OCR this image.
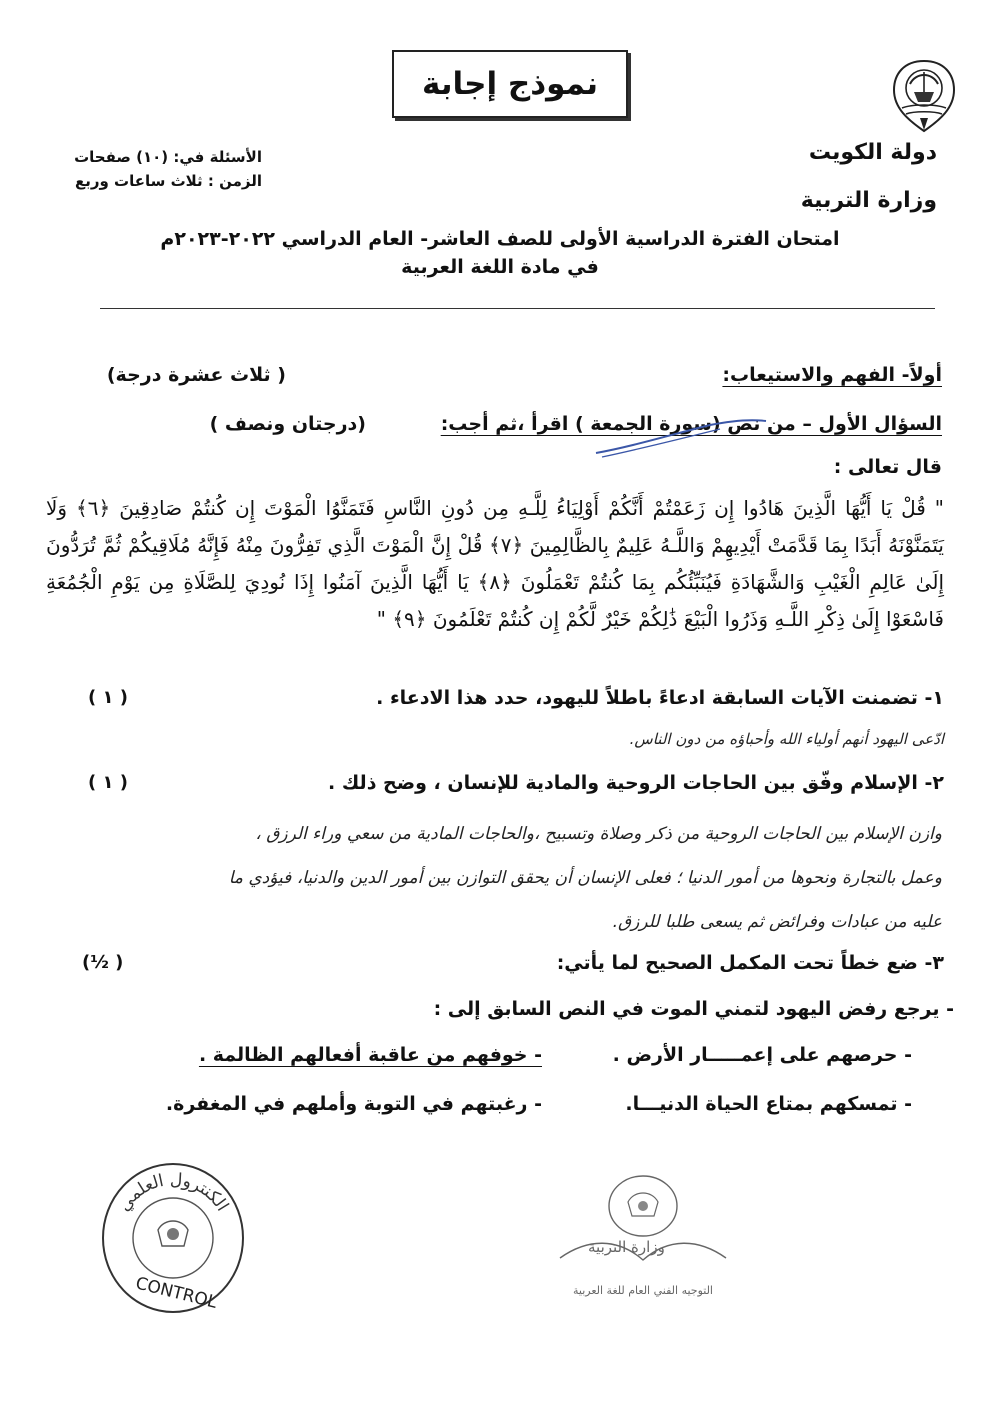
نموذج إجابة
دولة الكويت
وزارة التربية
الأسئلة في: (١٠) صفحات
الزمن : ثلاث ساعات وربع
امتحان الفترة الدراسية الأولى للصف العاشر- العام الدراسي ٢٠٢٢-٢٠٢٣م
في مادة اللغة العربية
أولاً- الفهم والاستيعاب:
( ثلاث عشرة درجة)
السؤال الأول – من نص (سورة الجمعة ) اقرأ ،ثم أجب:
(درجتان ونصف )
قال تعالى :
" قُلْ يَا أَيُّهَا الَّذِينَ هَادُوا إِن زَعَمْتُمْ أَنَّكُمْ أَوْلِيَاءُ لِلَّـهِ مِن دُونِ النَّاسِ فَتَمَنَّوُا الْمَوْتَ إِن كُنتُمْ صَادِقِينَ ﴿٦﴾ وَلَا يَتَمَنَّوْنَهُ أَبَدًا بِمَا قَدَّمَتْ أَيْدِيهِمْ وَاللَّـهُ عَلِيمٌ بِالظَّالِمِينَ ﴿٧﴾ قُلْ إِنَّ الْمَوْتَ الَّذِي تَفِرُّونَ مِنْهُ فَإِنَّهُ مُلَاقِيكُمْ ثُمَّ تُرَدُّونَ إِلَىٰ عَالِمِ الْغَيْبِ وَالشَّهَادَةِ فَيُنَبِّئُكُم بِمَا كُنتُمْ تَعْمَلُونَ ﴿٨﴾ يَا أَيُّهَا الَّذِينَ آمَنُوا إِذَا نُودِيَ لِلصَّلَاةِ مِن يَوْمِ الْجُمُعَةِ فَاسْعَوْا إِلَىٰ ذِكْرِ اللَّـهِ وَذَرُوا الْبَيْعَ ذَٰلِكُمْ خَيْرٌ لَّكُمْ إِن كُنتُمْ تَعْلَمُونَ ﴿٩﴾ "
١- تضمنت الآيات السابقة ادعاءً باطلاً لليهود، حدد هذا الادعاء .
( ١ )
ادّعى اليهود أنهم أولياء الله وأحباؤه من دون الناس.
٢- الإسلام وفّق بين الحاجات الروحية والمادية للإنسان ، وضح ذلك .
( ١ )
وازن الإسلام بين الحاجات الروحية من ذكر وصلاة وتسبيح ،والحاجات المادية من سعي وراء الرزق ،
وعمل بالتجارة ونحوها من أمور الدنيا ؛ فعلى الإنسان أن يحقق التوازن بين أمور الدين والدنيا، فيؤدي ما
عليه من عبادات وفرائض ثم يسعى طلبا للرزق.
٣- ضع خطاً تحت المكمل الصحيح لما يأتي:
( ½)
- يرجع رفض اليهود لتمني الموت في النص السابق إلى :
- حرصهم على إعمـــــار الأرض .
- خوفهم من عاقبة أفعالهم الظالمة .
- تمسكهم بمتاع الحياة الدنيـــا.
- رغبتهم في التوبة وأملهم في المغفرة.
الكنترول العلمي
CONTROL
وزارة التربية
التوجيه الفني العام للغة العربية
